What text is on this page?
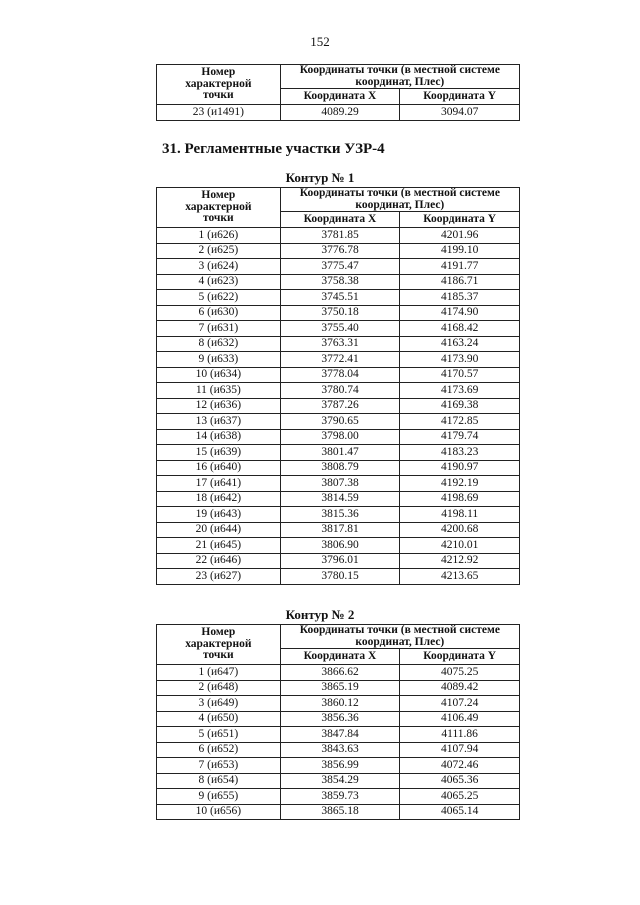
152
Номер
характерной
точки	Координаты точки (в местной системе
координат, Плес)	
	Координата X	Координата Y
23 (и1491)	4089.29	3094.07
31. Регламентные участки УЗР-4
Контур № 1
Номер
характерной
точки	Координаты точки (в местной системе
координат, Плес)	
	Координата X	Координата Y
1 (и626)	3781.85	4201.96
2 (и625)	3776.78	4199.10
3 (и624)	3775.47	4191.77
4 (и623)	3758.38	4186.71
5 (и622)	3745.51	4185.37
6 (и630)	3750.18	4174.90
7 (и631)	3755.40	4168.42
8 (и632)	3763.31	4163.24
9 (и633)	3772.41	4173.90
10 (и634)	3778.04	4170.57
11 (и635)	3780.74	4173.69
12 (и636)	3787.26	4169.38
13 (и637)	3790.65	4172.85
14 (и638)	3798.00	4179.74
15 (и639)	3801.47	4183.23
16 (и640)	3808.79	4190.97
17 (и641)	3807.38	4192.19
18 (и642)	3814.59	4198.69
19 (и643)	3815.36	4198.11
20 (и644)	3817.81	4200.68
21 (и645)	3806.90	4210.01
22 (и646)	3796.01	4212.92
23 (и627)	3780.15	4213.65
Контур № 2
Номер
характерной
точки	Координаты точки (в местной системе
координат, Плес)	
	Координата X	Координата Y
1 (и647)	3866.62	4075.25
2 (и648)	3865.19	4089.42
3 (и649)	3860.12	4107.24
4 (и650)	3856.36	4106.49
5 (и651)	3847.84	4111.86
6 (и652)	3843.63	4107.94
7 (и653)	3856.99	4072.46
8 (и654)	3854.29	4065.36
9 (и655)	3859.73	4065.25
10 (и656)	3865.18	4065.14
